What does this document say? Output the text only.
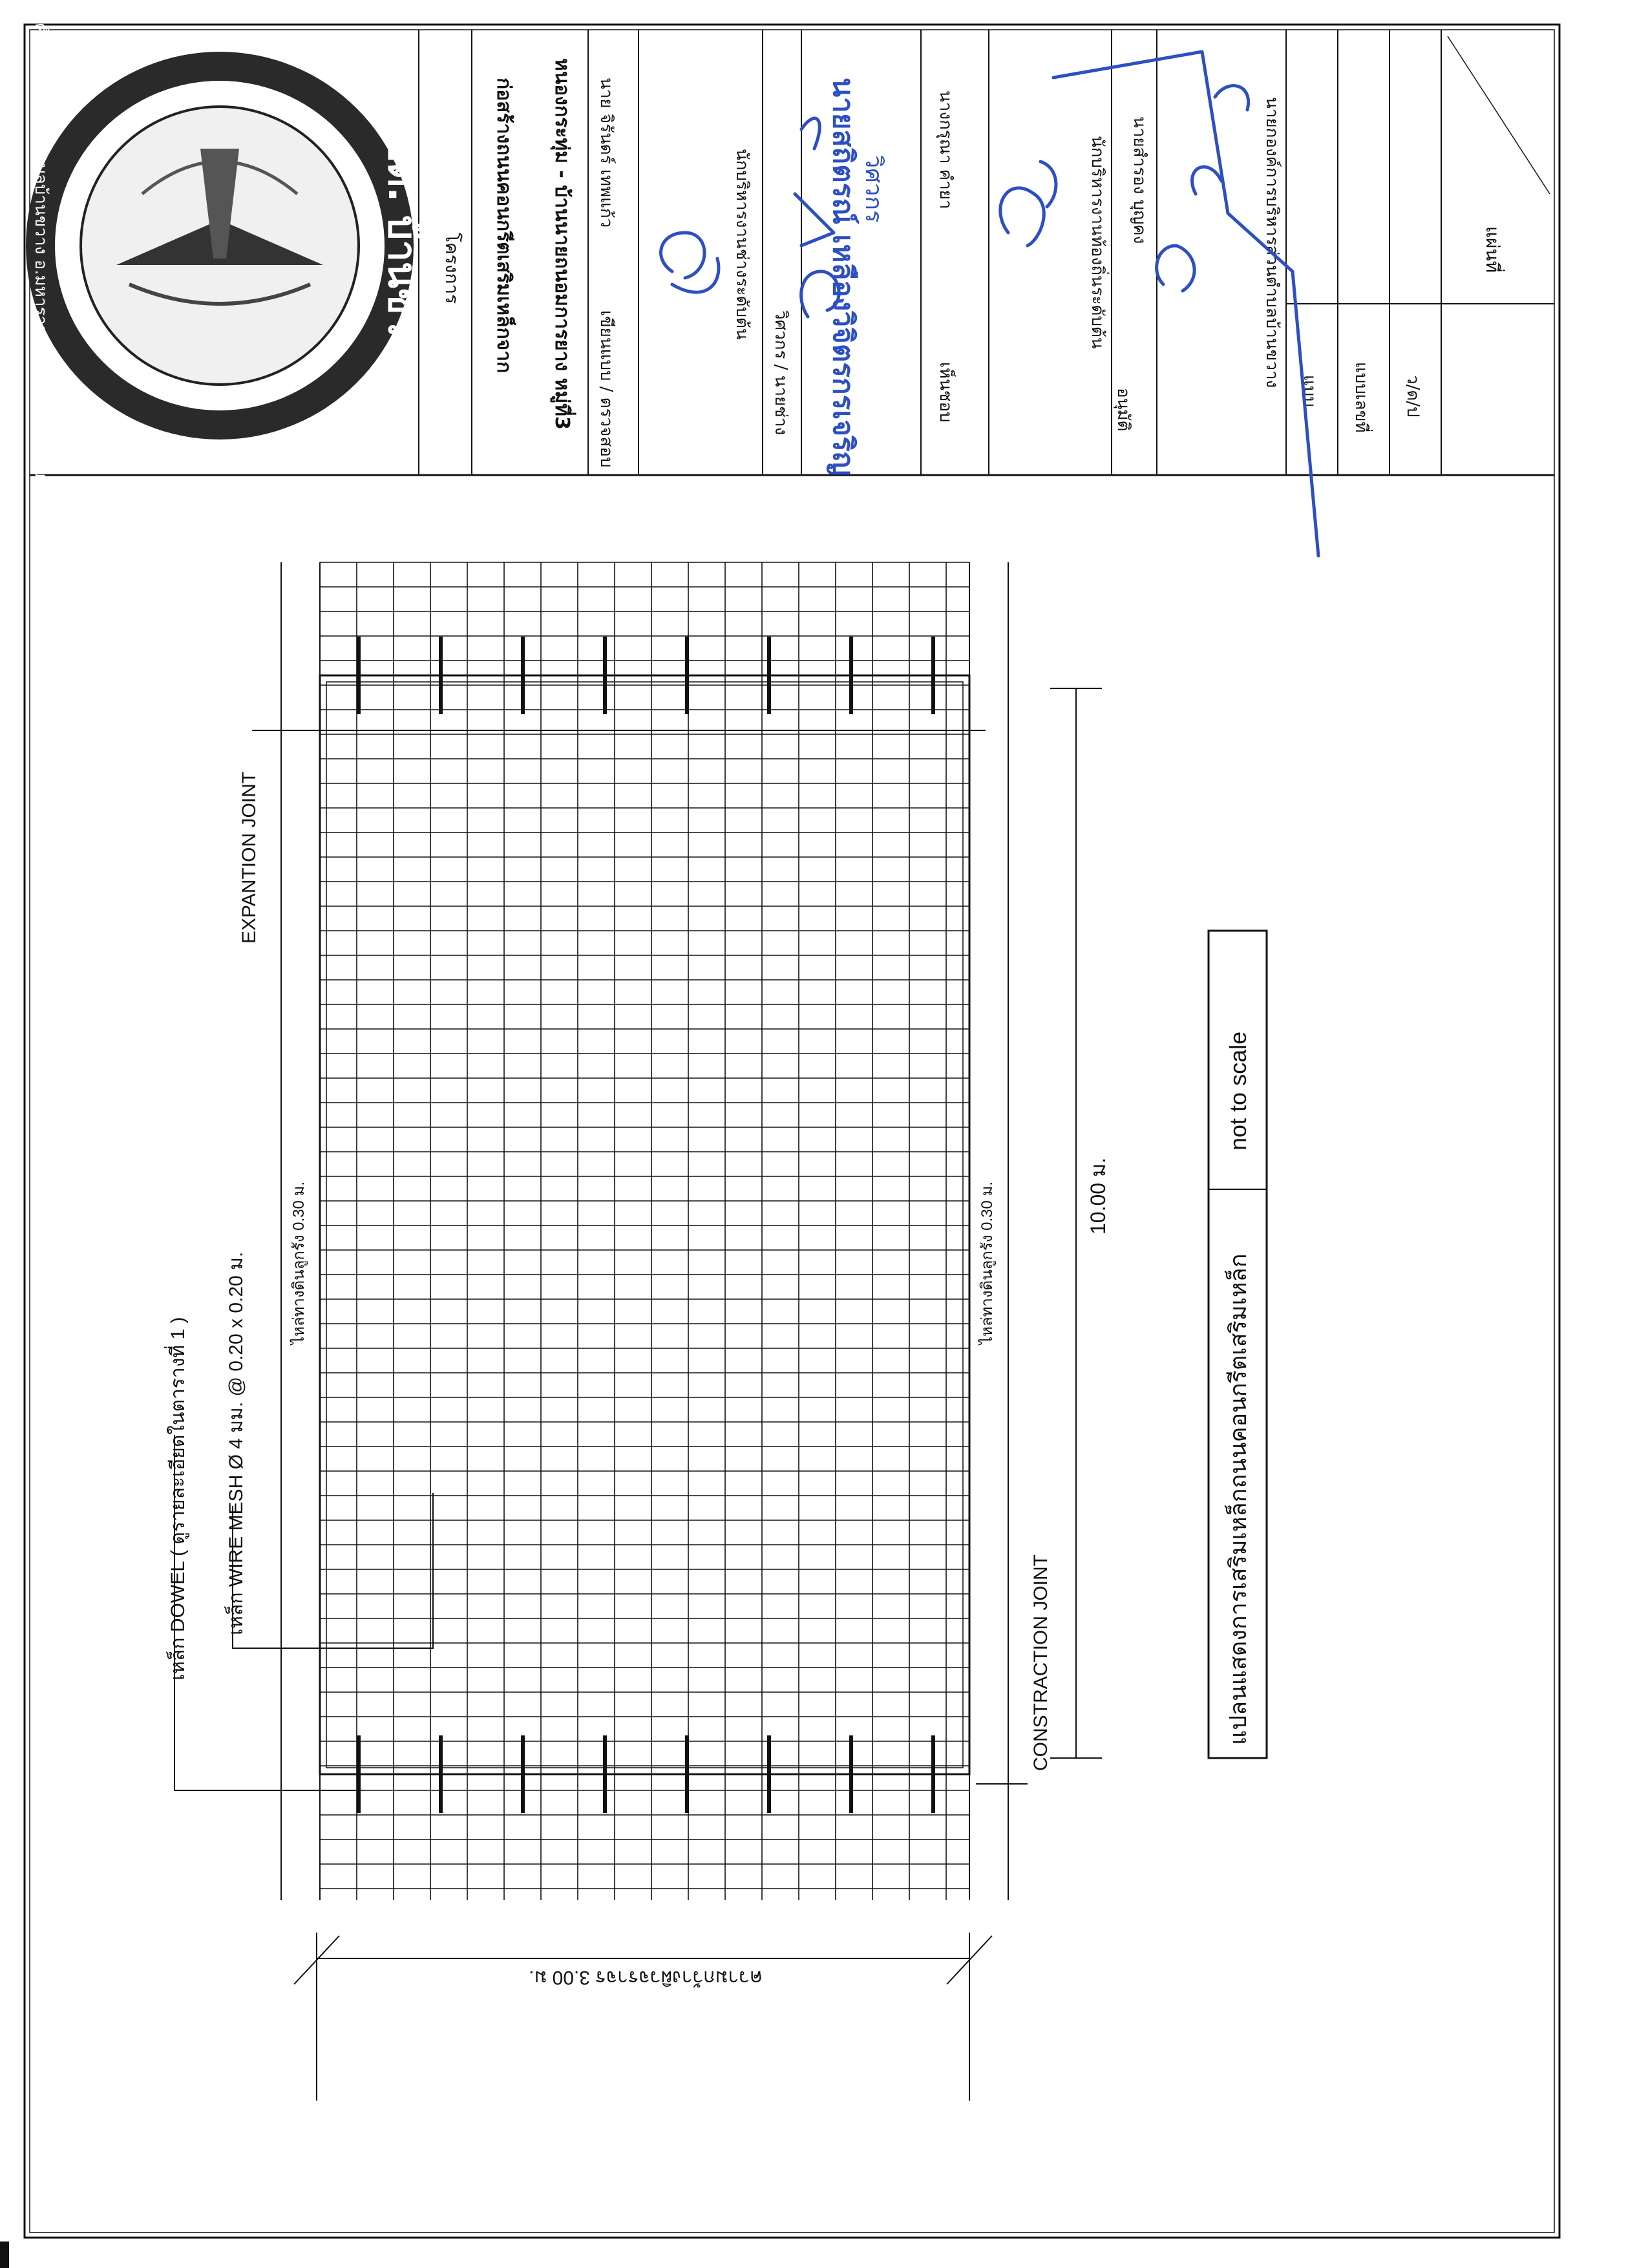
อบต. บ้านขวาง
องค์การบริหารส่วนตำบลบ้านขวาง อ.มหาราช จ.พระนครศรีอยุธยา	โครงการ ก่อสร้างถนนคอนกรีตเสริมเหล็กจาก หนองกระทุ่ม - บ้านนายถนอมการยาง หมู่ที่3 เขียนแบบ / ตรวจสอบ
นาย จิรันดร์ เทพแก้ว	นักบริหารงานช่างระดับต้น
วิศวกร / นายช่าง นายสถิตรณ์ เหลืองวิจิตรกรเจริญ วิศวกร
เห็นชอบ
นางกรุณา คำยา	นักบริหารงานท้องถิ่นระดับต้น
อนุมัติ
นายสำรอง บุญคง	นายกองค์การบริหารส่วนตำบลบ้านขวาง
แบบ แบบเลขที่ ว/ด/ป
แผ่นที่
เหล็ก DOWEL ( ดูรายละเอียดในตารางที่ 1 ) เหล็ก WIRE MESH Ø 4 มม. @ 0.20 x 0.20 ม.
EXPANTION JOINT
CONSTRACTION JOINT
ไหล่ทางดินลูกรัง 0.30 ม.	ไหล่ทางดินลูกรัง 0.30 ม.	10.00 ม.
ความกว้างผิวจราจร 3.00 ม.
แปลนแสดงการเสริมเหล็กถนนคอนกรีตเสริมเหล็ก
not to scale
